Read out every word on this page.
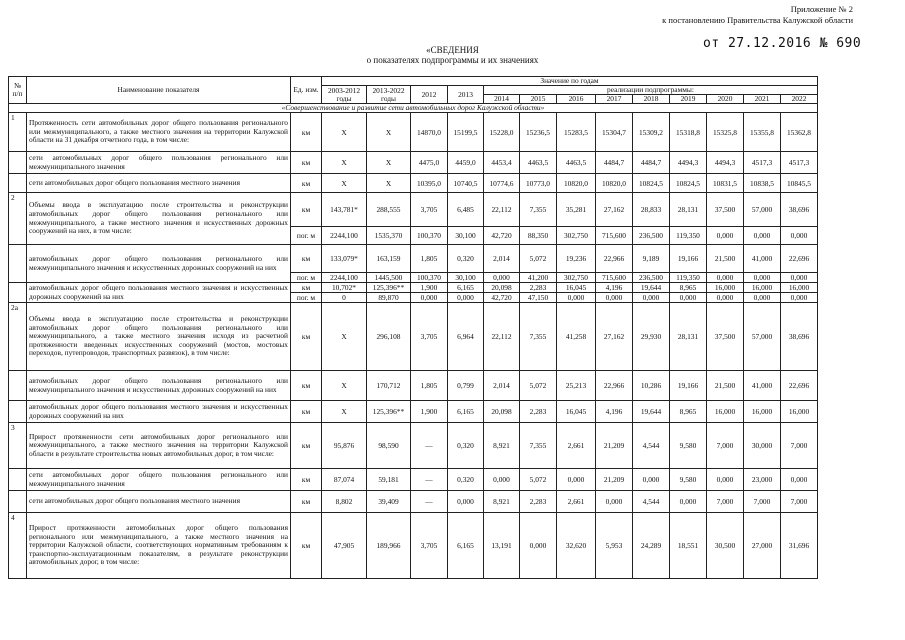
Приложение № 2
к постановлению Правительства Калужской области
от 27.12.2016 № 690
«СВЕДЕНИЯ
о показателях подпрограммы и их значениях
№ п/п	Наименование показателя	Ед. изм.	Значение по годам												
			2003-2012 годы	2013-2022 годы	2012	2013	реализации подпрограммы:								
							2014	2015	2016	2017	2018	2019	2020	2021	2022
«Совершенствование и развитие сети автомобильных дорог Калужской области»															
1	Протяженность сети автомобильных дорог общего пользования регионального или межмуниципального, а также местного значения на территории Калужской области на 31 декабря отчетного года, в том числе:	км	Х	Х	14870,0	15199,5	15228,0	15236,5	15283,5	15304,7	15309,2	15318,8	15325,8	15355,8	15362,8
	сети автомобильных дорог общего пользования регионального или межмуниципального значения	км	Х	Х	4475,0	4459,0	4453,4	4463,5	4463,5	4484,7	4484,7	4494,3	4494,3	4517,3	4517,3
	сети автомобильных дорог общего пользования местного значения	км	Х	Х	10395,0	10740,5	10774,6	10773,0	10820,0	10820,0	10824,5	10824,5	10831,5	10838,5	10845,5
2	Объемы ввода в эксплуатацию после строительства и реконструкции автомобильных дорог общего пользования регионального или межмуниципального, а также местного значения и искусственных дорожных сооружений на них, в том числе:	км	143,781*	288,555	3,705	6,485	22,112	7,355	35,281	27,162	28,833	28,131	37,500	57,000	38,696
		пог. м	2244,100	1535,370	100,370	30,100	42,720	88,350	302,750	715,600	236,500	119,350	0,000	0,000	0,000
	автомобильных дорог общего пользования регионального или межмуниципального значения и искусственных дорожных сооружений на них	км	133,079*	163,159	1,805	0,320	2,014	5,072	19,236	22,966	9,189	19,166	21,500	41,000	22,696
		пог. м	2244,100	1445,500	100,370	30,100	0,000	41,200	302,750	715,600	236,500	119,350	0,000	0,000	0,000
	автомобильных дорог общего пользования местного значения и искусственных дорожных сооружений на них	км	10,702*	125,396**	1,900	6,165	20,098	2,283	16,045	4,196	19,644	8,965	16,000	16,000	16,000
		пог. м	0	89,870	0,000	0,000	42,720	47,150	0,000	0,000	0,000	0,000	0,000	0,000	0,000
2а	Объемы ввода в эксплуатацию после строительства и реконструкции автомобильных дорог общего пользования регионального или межмуниципального, а также местного значения исходя из расчетной протяженности введенных искусственных сооружений (мостов, мостовых переходов, путепроводов, транспортных развязок), в том числе:	км	Х	296,108	3,705	6,964	22,112	7,355	41,258	27,162	29,930	28,131	37,500	57,000	38,696
	автомобильных дорог общего пользования регионального или межмуниципального значения и искусственных дорожных сооружений на них	км	Х	170,712	1,805	0,799	2,014	5,072	25,213	22,966	10,286	19,166	21,500	41,000	22,696
	автомобильных дорог общего пользования местного значения и искусственных дорожных сооружений на них	км	Х	125,396**	1,900	6,165	20,098	2,283	16,045	4,196	19,644	8,965	16,000	16,000	16,000
3	Прирост протяженности сети автомобильных дорог регионального или межмуниципального, а также местного значения на территории Калужской области в результате строительства новых автомобильных дорог, в том числе:	км	95,876	98,590	—	0,320	8,921	7,355	2,661	21,209	4,544	9,580	7,000	30,000	7,000
	сети автомобильных дорог общего пользования регионального или межмуниципального значения	км	87,074	59,181	—	0,320	0,000	5,072	0,000	21,209	0,000	9,580	0,000	23,000	0,000
	сети автомобильных дорог общего пользования местного значения	км	8,802	39,409	—	0,000	8,921	2,283	2,661	0,000	4,544	0,000	7,000	7,000	7,000
4	Прирост протяженности автомобильных дорог общего пользования регионального или межмуниципального, а также местного значения на территории Калужской области, соответствующих нормативным требованиям к транспортно-эксплуатационным показателям, в результате реконструкции автомобильных дорог, в том числе:	км	47,905	189,966	3,705	6,165	13,191	0,000	32,620	5,953	24,289	18,551	30,500	27,000	31,696
